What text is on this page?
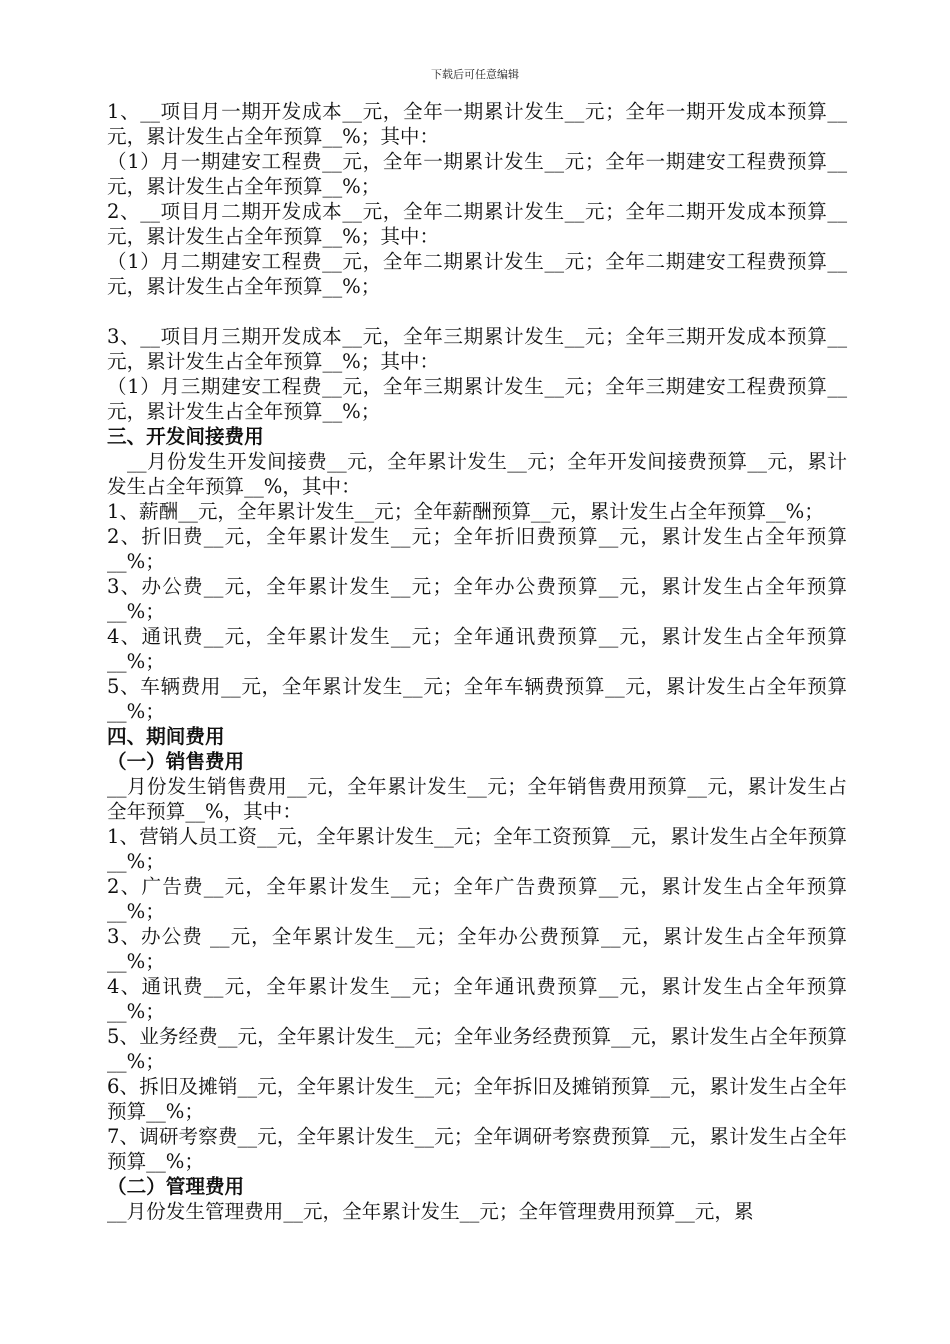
下载后可任意编辑

1、__项目月一期开发成本__元，全年一期累计发生__元；全年一期开发成本预算__元，累计发生占全年预算__%；其中：

（1）月一期建安工程费__元，全年一期累计发生__元；全年一期建安工程费预算__元，累计发生占全年预算__%；

2、__项目月二期开发成本__元，全年二期累计发生__元；全年二期开发成本预算__元，累计发生占全年预算__%；其中：

（1）月二期建安工程费__元，全年二期累计发生__元；全年二期建安工程费预算__元，累计发生占全年预算__%；

3、__项目月三期开发成本__元，全年三期累计发生__元；全年三期开发成本预算__元，累计发生占全年预算__%；其中：

（1）月三期建安工程费__元，全年三期累计发生__元；全年三期建安工程费预算__元，累计发生占全年预算__%；

三、开发间接费用

　__月份发生开发间接费__元，全年累计发生__元；全年开发间接费预算__元，累计发生占全年预算__%，其中：

1、薪酬__元，全年累计发生__元；全年薪酬预算__元，累计发生占全年预算__%；

2、折旧费__元，全年累计发生__元；全年折旧费预算__元，累计发生占全年预算__%；

3、办公费__元，全年累计发生__元；全年办公费预算__元，累计发生占全年预算__%；

4、通讯费__元，全年累计发生__元；全年通讯费预算__元，累计发生占全年预算__%；

5、车辆费用__元，全年累计发生__元；全年车辆费预算__元，累计发生占全年预算__%；

四、期间费用

（一）销售费用

__月份发生销售费用__元，全年累计发生__元；全年销售费用预算__元，累计发生占全年预算__%，其中：

1、营销人员工资__元，全年累计发生__元；全年工资预算__元，累计发生占全年预算__%；

2、广告费__元，全年累计发生__元；全年广告费预算__元，累计发生占全年预算__%；

3、办公费 __元，全年累计发生__元；全年办公费预算__元，累计发生占全年预算__%；

4、通讯费__元，全年累计发生__元；全年通讯费预算__元，累计发生占全年预算__%；

5、业务经费__元，全年累计发生__元；全年业务经费预算__元，累计发生占全年预算__%；

6、拆旧及摊销__元，全年累计发生__元；全年拆旧及摊销预算__元，累计发生占全年预算__%；

7、调研考察费__元，全年累计发生__元；全年调研考察费预算__元，累计发生占全年预算__%；

（二）管理费用

__月份发生管理费用__元，全年累计发生__元；全年管理费用预算__元，累
